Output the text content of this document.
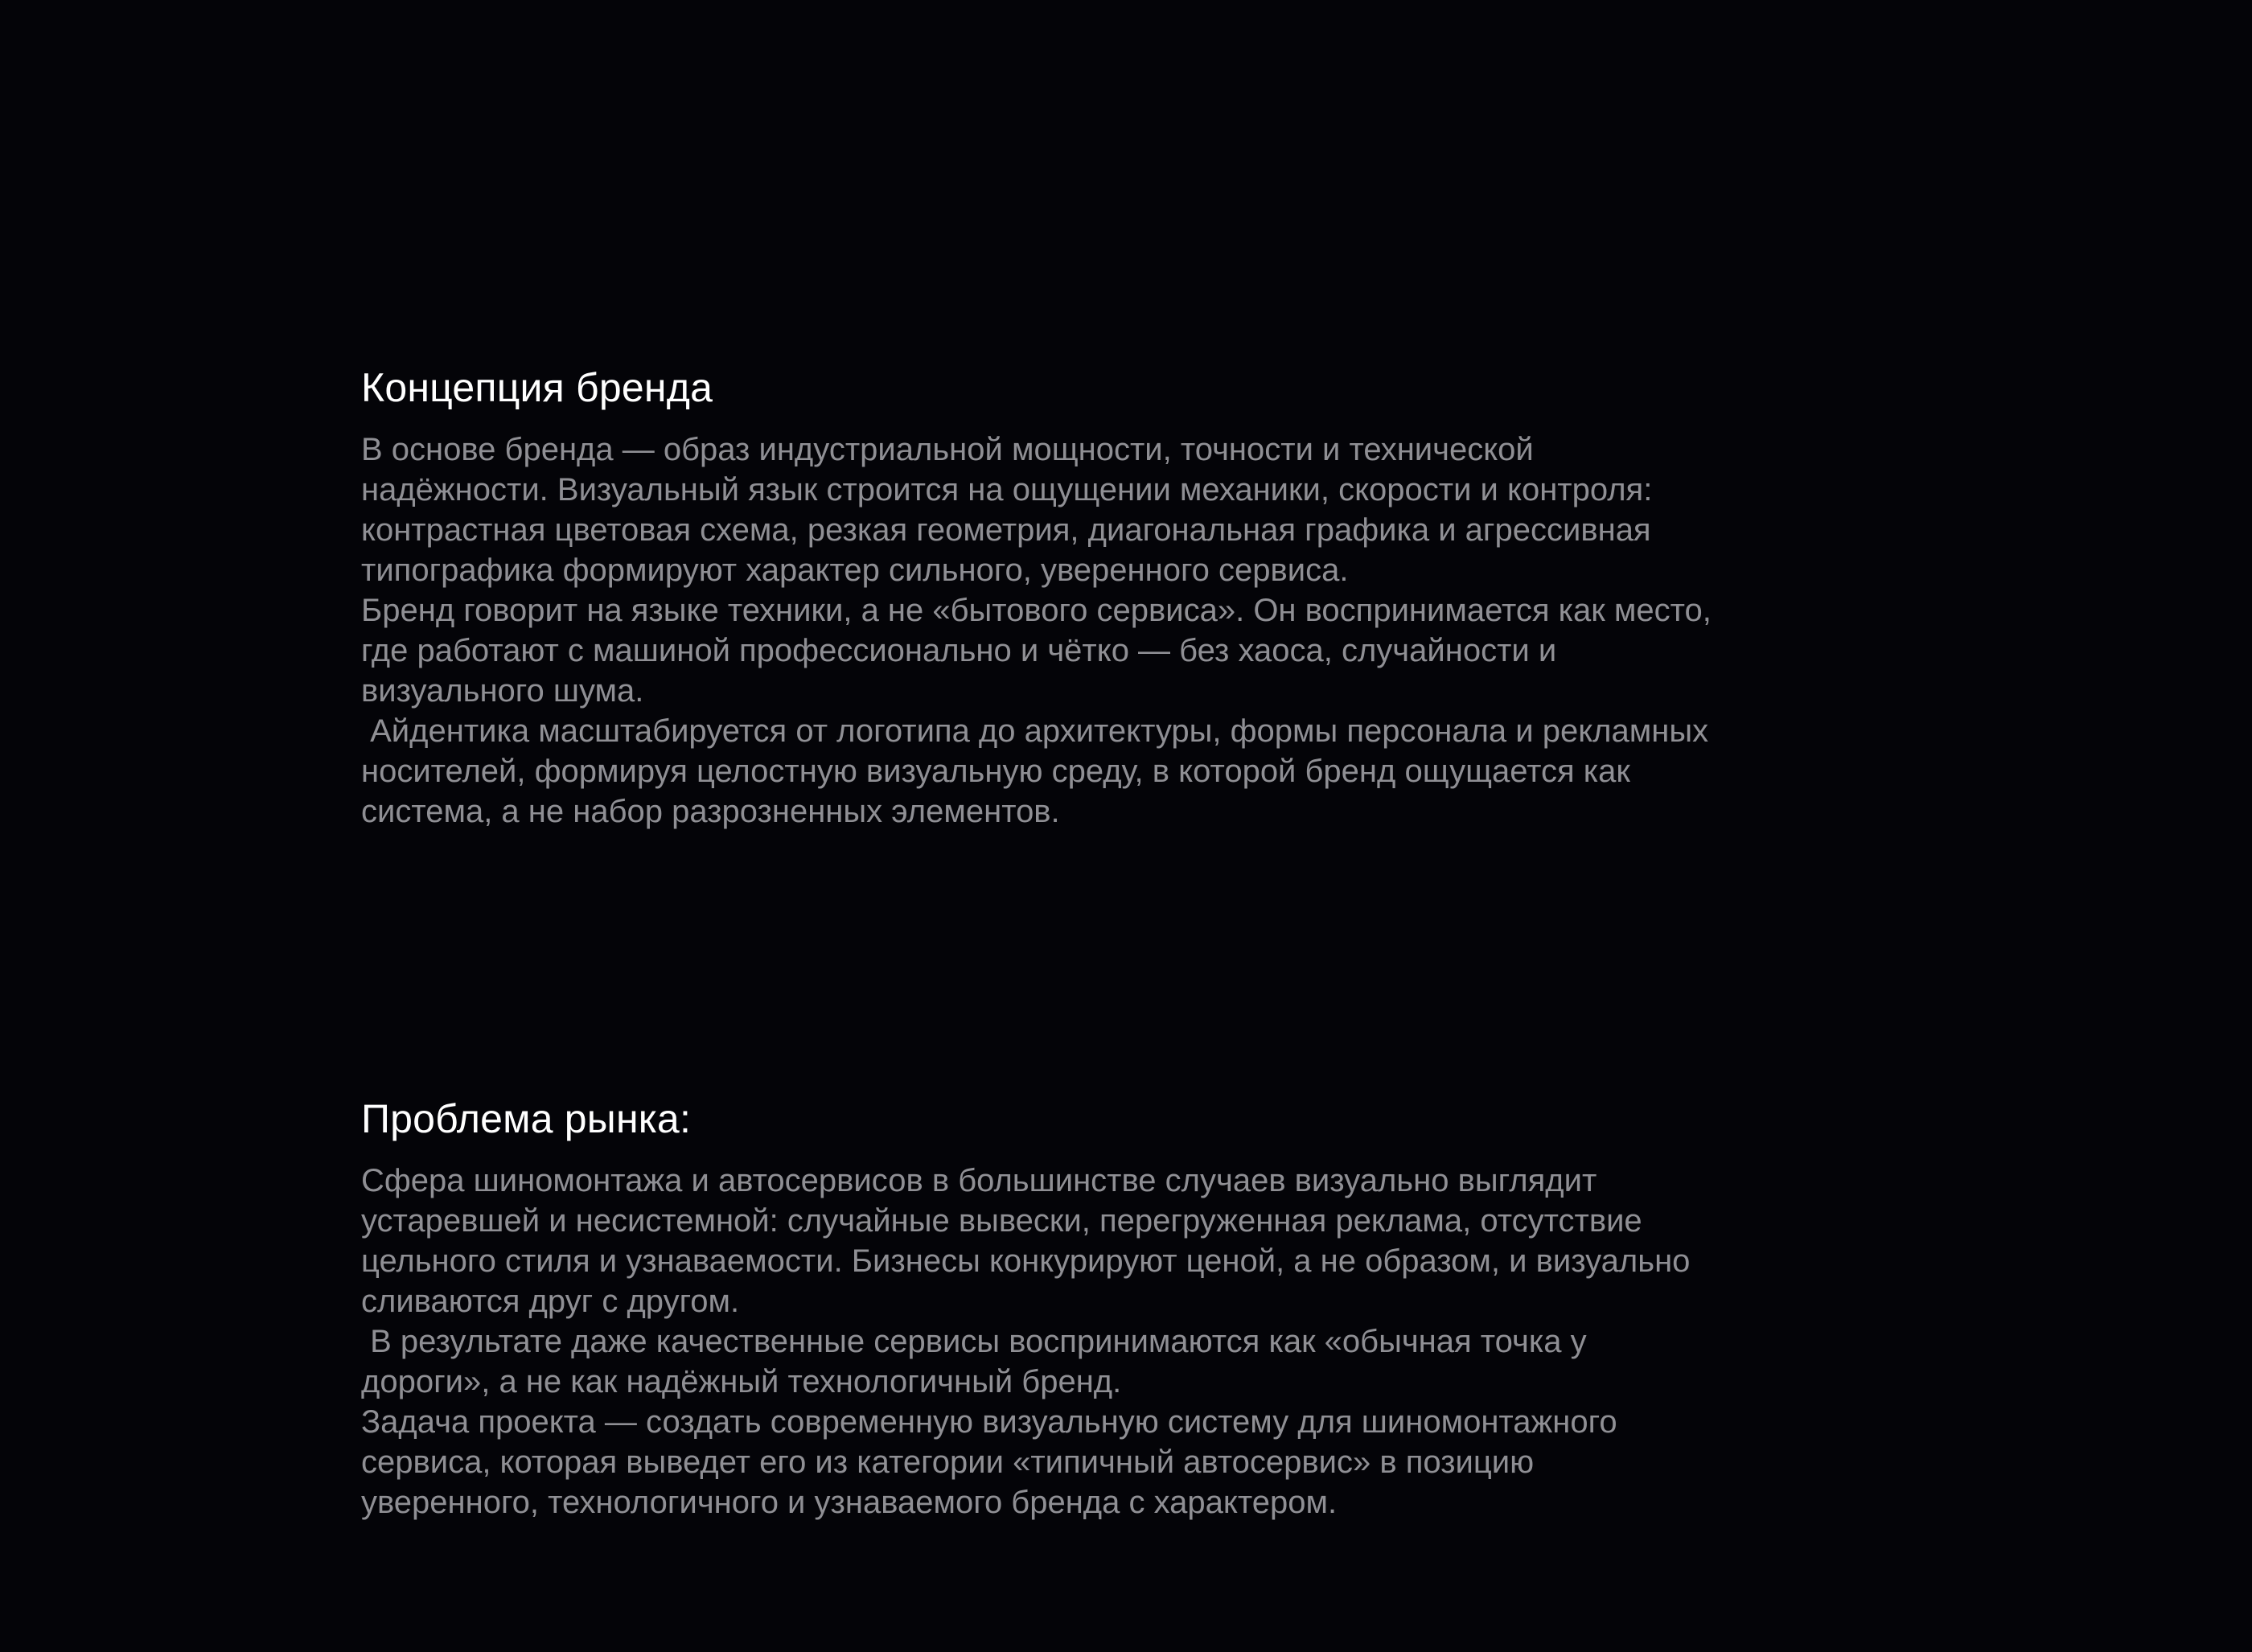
Концепция бренда
В основе бренда — образ индустриальной мощности, точности и технической
надёжности. Визуальный язык строится на ощущении механики, скорости и контроля:
контрастная цветовая схема, резкая геометрия, диагональная графика и агрессивная
типографика формируют характер сильного, уверенного сервиса.
Бренд говорит на языке техники, а не «бытового сервиса». Он воспринимается как место,
где работают с машиной профессионально и чётко — без хаоса, случайности и
визуального шума.
Айдентика масштабируется от логотипа до архитектуры, формы персонала и рекламных
носителей, формируя целостную визуальную среду, в которой бренд ощущается как
система, а не набор разрозненных элементов.
Проблема рынка:
Сфера шиномонтажа и автосервисов в большинстве случаев визуально выглядит
устаревшей и несистемной: случайные вывески, перегруженная реклама, отсутствие
цельного стиля и узнаваемости. Бизнесы конкурируют ценой, а не образом, и визуально
сливаются друг с другом.
В результате даже качественные сервисы воспринимаются как «обычная точка у
дороги», а не как надёжный технологичный бренд.
Задача проекта — создать современную визуальную систему для шиномонтажного
сервиса, которая выведет его из категории «типичный автосервис» в позицию
уверенного, технологичного и узнаваемого бренда с характером.
